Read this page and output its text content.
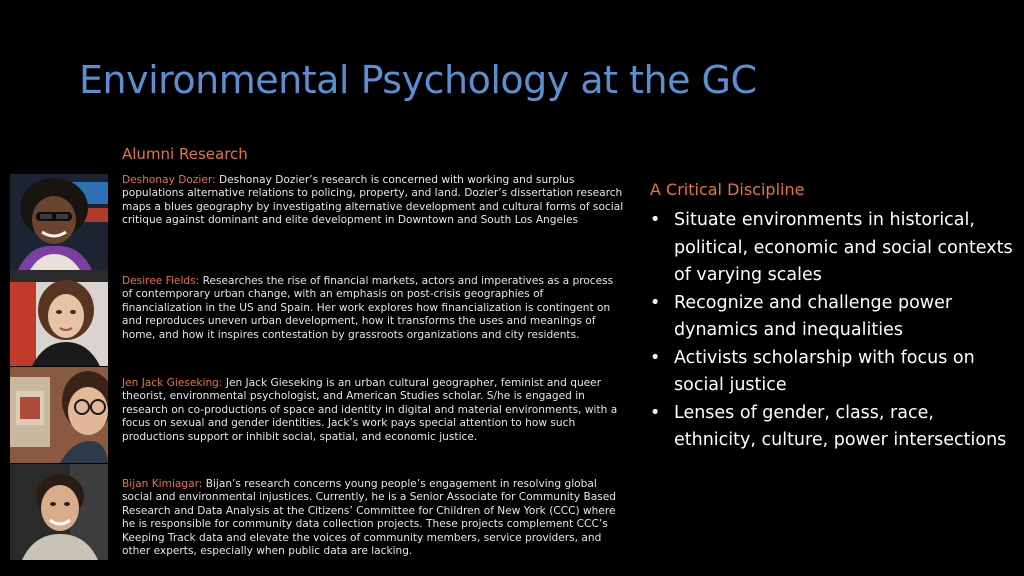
Environmental Psychology at the GC
Alumni Research
Deshonay Dozier: Deshonay Dozier’s research is concerned with working and surplus populations alternative relations to policing, property, and land. Dozier’s dissertation research maps a blues geography by investigating alternative development and cultural forms of social critique against dominant and elite development in Downtown and South Los Angeles
Desiree Fields: Researches the rise of financial markets, actors and imperatives as a process of contemporary urban change, with an emphasis on post-crisis geographies of financialization in the US and Spain. Her work explores how financialization is contingent on and reproduces uneven urban development, how it transforms the uses and meanings of home, and how it inspires contestation by grassroots organizations and city residents.
Jen Jack Gieseking: Jen Jack Gieseking is an urban cultural geographer, feminist and queer theorist, environmental psychologist, and American Studies scholar. S/he is engaged in research on co-productions of space and identity in digital and material environments, with a focus on sexual and gender identities. Jack’s work pays special attention to how such productions support or inhibit social, spatial, and economic justice.
Bijan Kimiagar: Bijan’s research concerns young people’s engagement in resolving global social and environmental injustices. Currently, he is a Senior Associate for Community Based Research and Data Analysis at the Citizens’ Committee for Children of New York (CCC) where he is responsible for community data collection projects. These projects complement CCC’s Keeping Track data and elevate the voices of community members, service providers, and other experts, especially when public data are lacking.
A Critical Discipline
• Situate environments in historical, political, economic and social contexts of varying scales
• Recognize and challenge power dynamics and inequalities
• Activists scholarship with focus on social justice
• Lenses of gender, class, race, ethnicity, culture, power intersections
